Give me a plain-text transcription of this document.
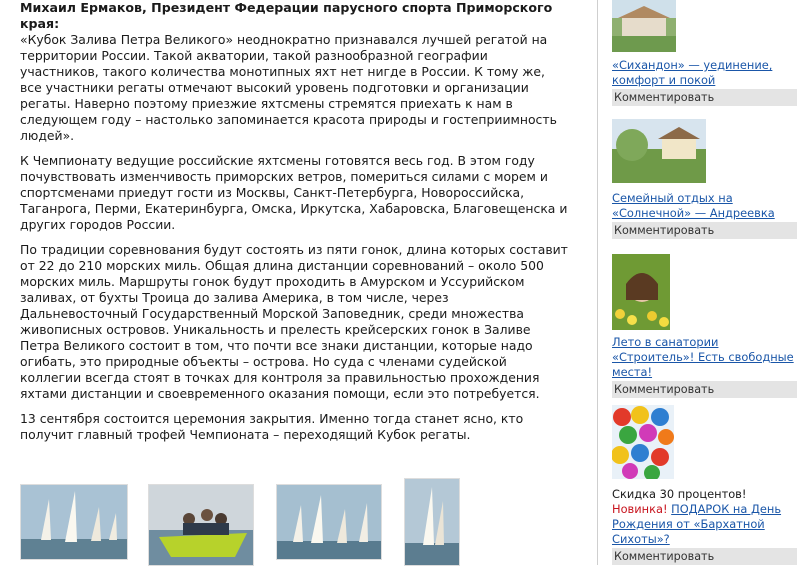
Михаил Ермаков, Президент Федерации парусного спорта Приморского края:

«Кубок Залива Петра Великого» неоднократно признавался лучшей регатой на территории России. Такой акватории, такой разнообразной географии участников, такого количества монотипных яхт нет нигде в России. К тому же, все участники регаты отмечают высокий уровень подготовки и организации регаты. Наверно поэтому приезжие яхтсмены стремятся приехать к нам в следующем году – настолько запоминается красота природы и гостеприимность людей».

К Чемпионату ведущие российские яхтсмены готовятся весь год. В этом году почувствовать изменчивость приморских ветров, помериться силами с морем и спортсменами приедут гости из Москвы, Санкт-Петербурга, Новороссийска, Таганрога, Перми, Екатеринбурга, Омска, Иркутска, Хабаровска, Благовещенска и других городов России.

По традиции соревнования будут состоять из пяти гонок, длина которых составит от 22 до 210 морских миль. Общая длина дистанции соревнований – около 500 морских миль. Маршруты гонок будут проходить в Амурском и Уссурийском заливах, от бухты Троица до залива Америка, в том числе, через Дальневосточный Государственный Морской Заповедник, среди множества живописных островов. Уникальность и прелесть крейсерских гонок в Заливе Петра Великого состоит в том, что почти все знаки дистанции, которые надо огибать, это природные объекты – острова. Но суда с членами судейской коллегии всегда стоят в точках для контроля за правильностью прохождения яхтами дистанции и своевременного оказания помощи, если это потребуется.

13 сентября состоится церемония закрытия. Именно тогда станет ясно, кто получит главный трофей Чемпионата – переходящий Кубок регаты.

«Сихандон» — уединение, комфорт и покой
Комментировать
Семейный отдых на «Солнечной» — Андреевка
Комментировать
Лето в санатории «Строитель»! Есть свободные места!
Комментировать
Скидка 30 процентов!
Новинка! ПОДАРОК на День Рождения от «Бархатной Сихоты»?
Комментировать
